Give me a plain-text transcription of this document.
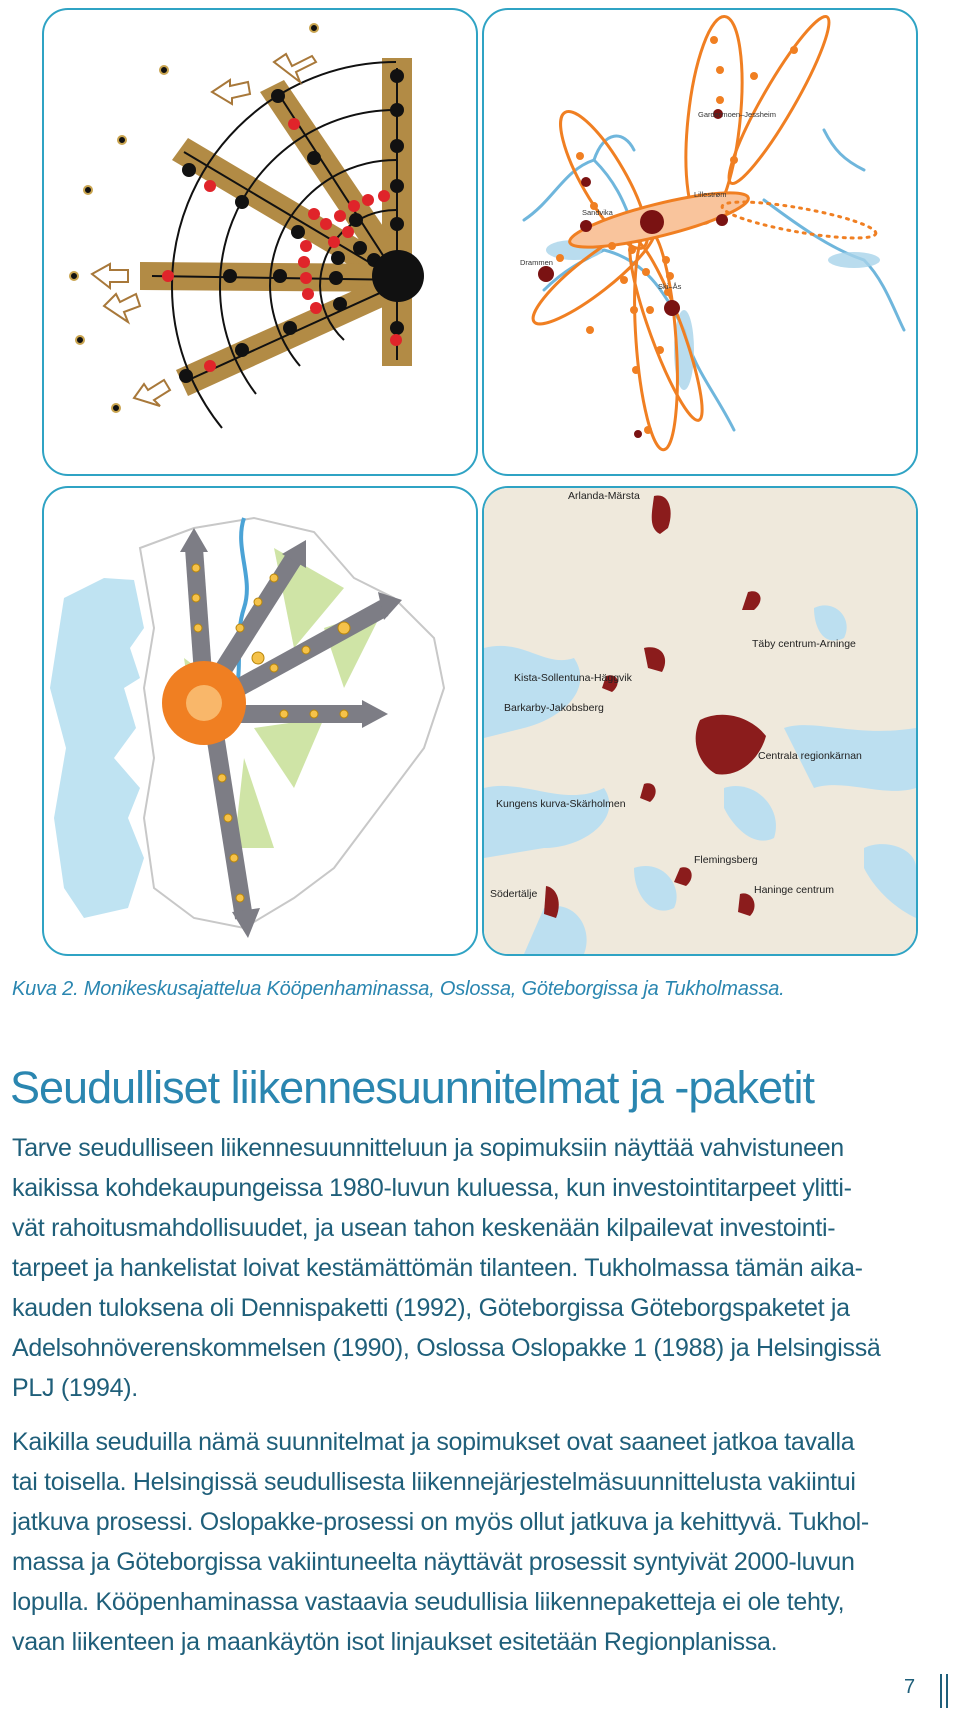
Gardermoen–Jessheim
Lillestrøm
Sandvika
Drammen
Ski–Ås
Arlanda-Märsta
Täby centrum-Arninge
Kista-Sollentuna-Häggvik
Barkarby-Jakobsberg
Centrala regionkärnan
Kungens kurva-Skärholmen
Flemingsberg
Södertälje	Haninge centrum
Kuva 2. Monikeskusajattelua Kööpenhaminassa, Oslossa, Göteborgissa ja Tukholmassa.
Seudulliset liikennesuunnitelmat ja -paketit
Tarve seudulliseen liikennesuunnitteluun ja sopimuksiin näyttää vahvistuneen
kaikissa kohdekaupungeissa 1980-luvun kuluessa, kun investointitarpeet ylitti-
vät rahoitusmahdollisuudet, ja usean tahon keskenään kilpailevat investointi-
tarpeet ja hankelistat loivat kestämättömän tilanteen. Tukholmassa tämän aika-
kauden tuloksena oli Dennispaketti (1992), Göteborgissa Göteborgspaketet ja
Adelsohnöverenskommelsen (1990), Oslossa Oslopakke 1 (1988) ja Helsingissä
PLJ (1994).
Kaikilla seuduilla nämä suunnitelmat ja sopimukset ovat saaneet jatkoa tavalla
tai toisella. Helsingissä seudullisesta liikennejärjestelmäsuunnittelusta vakiintui
jatkuva prosessi. Oslopakke-prosessi on myös ollut jatkuva ja kehittyvä. Tukhol-
massa ja Göteborgissa vakiintuneelta näyttävät prosessit syntyivät 2000-luvun
lopulla. Kööpenhaminassa vastaavia seudullisia liikennepaketteja ei ole tehty,
vaan liikenteen ja maankäytön isot linjaukset esitetään Regionplanissa.
7
